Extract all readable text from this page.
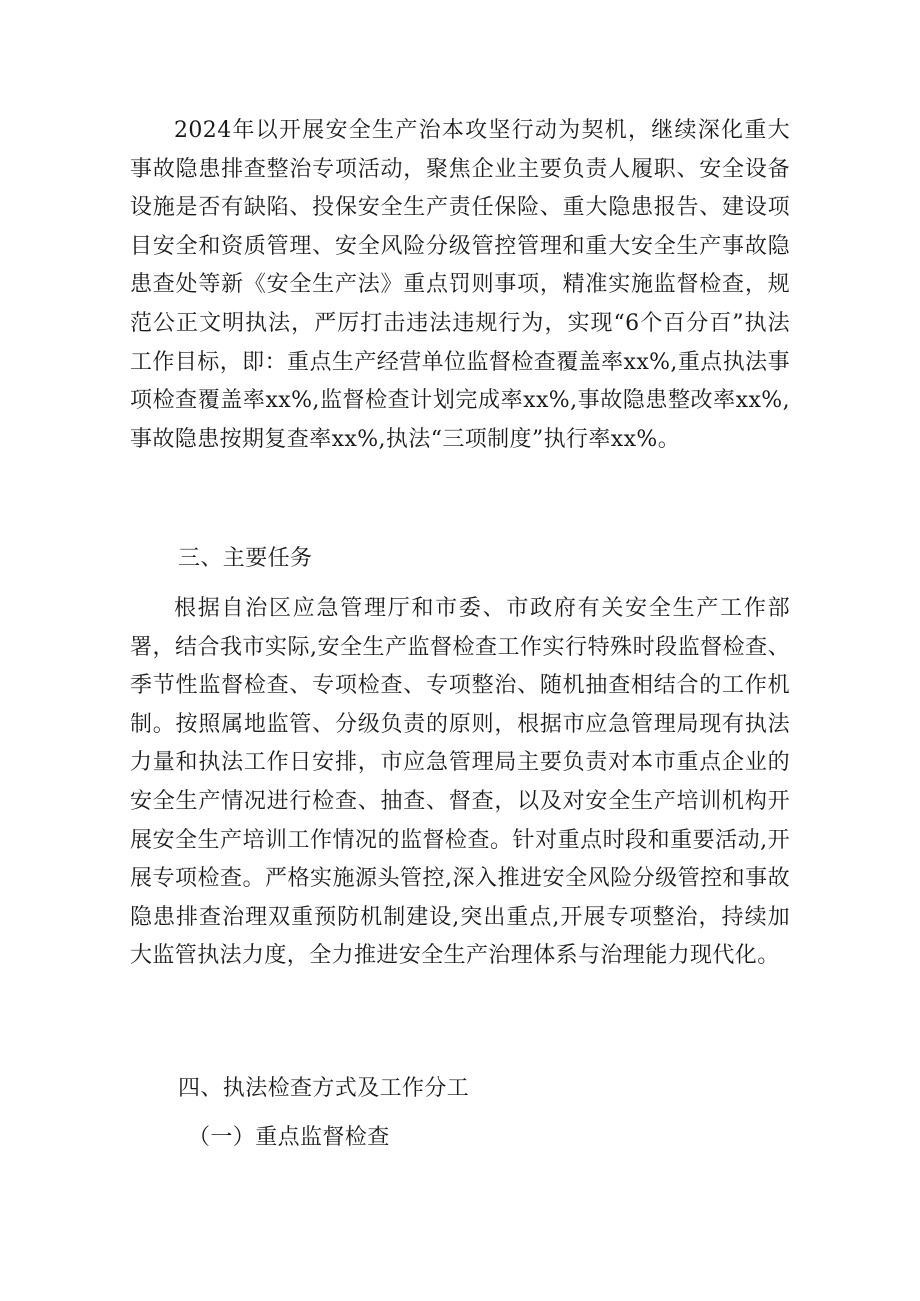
2024年以开展安全生产治本攻坚行动为契机，继续深化重大事故隐患排查整治专项活动，聚焦企业主要负责人履职、安全设备设施是否有缺陷、投保安全生产责任保险、重大隐患报告、建设项目安全和资质管理、安全风险分级管控管理和重大安全生产事故隐患查处等新《安全生产法》重点罚则事项，精准实施监督检查，规范公正文明执法，严厉打击违法违规行为，实现“6个百分百”执法工作目标，即：重点生产经营单位监督检查覆盖率xx%,重点执法事项检查覆盖率xx%,监督检查计划完成率xx%,事故隐患整改率xx%,事故隐患按期复查率xx%,执法“三项制度”执行率xx%。

三、主要任务

根据自治区应急管理厅和市委、市政府有关安全生产工作部署，结合我市实际,安全生产监督检查工作实行特殊时段监督检查、季节性监督检查、专项检查、专项整治、随机抽查相结合的工作机制。按照属地监管、分级负责的原则，根据市应急管理局现有执法力量和执法工作日安排，市应急管理局主要负责对本市重点企业的安全生产情况进行检查、抽查、督查，以及对安全生产培训机构开展安全生产培训工作情况的监督检查。针对重点时段和重要活动,开展专项检查。严格实施源头管控,深入推进安全风险分级管控和事故隐患排查治理双重预防机制建设,突出重点,开展专项整治，持续加大监管执法力度，全力推进安全生产治理体系与治理能力现代化。

四、执法检查方式及工作分工

（一）重点监督检查
